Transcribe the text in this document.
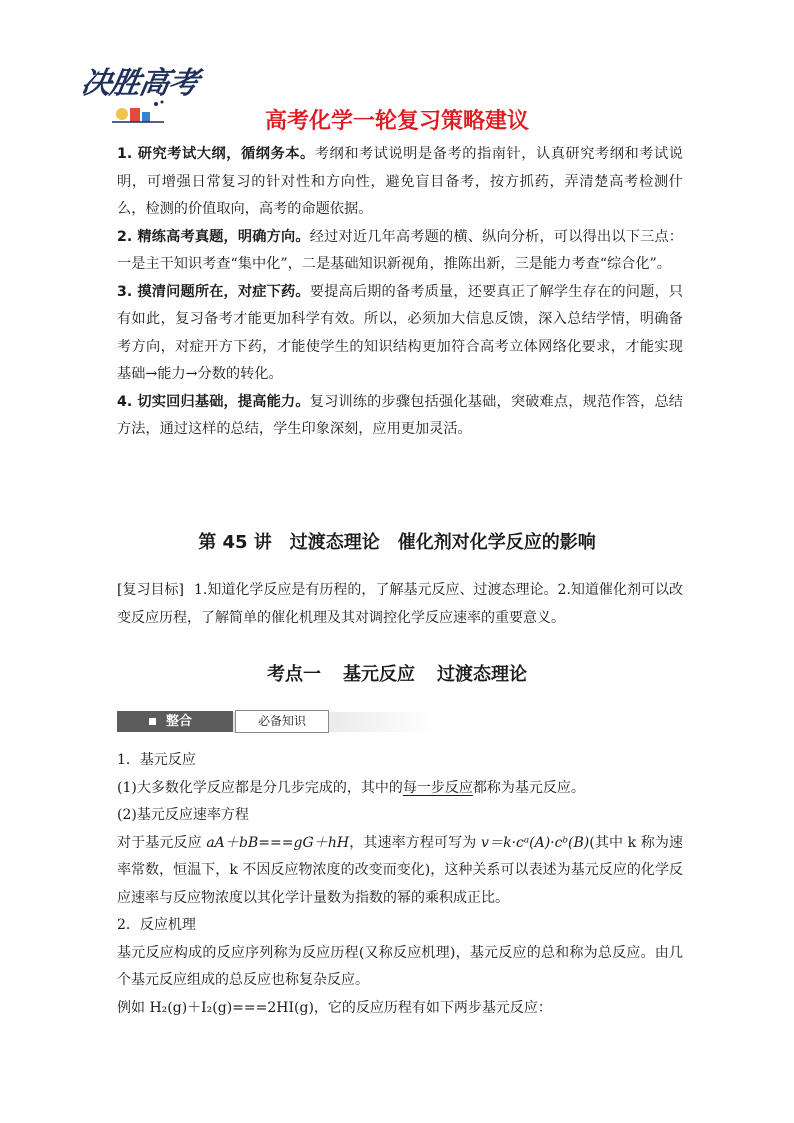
决胜高考
高考化学一轮复习策略建议

1. 研究考试大纲，循纲务本。考纲和考试说明是备考的指南针，认真研究考纲和考试说明，可增强日常复习的针对性和方向性，避免盲目备考，按方抓药，弄清楚高考检测什么，检测的价值取向，高考的命题依据。

2. 精练高考真题，明确方向。经过对近几年高考题的横、纵向分析，可以得出以下三点：一是主干知识考查“集中化”，二是基础知识新视角，推陈出新，三是能力考查“综合化”。

3. 摸清问题所在，对症下药。要提高后期的备考质量，还要真正了解学生存在的问题，只有如此，复习备考才能更加科学有效。所以，必须加大信息反馈，深入总结学情，明确备考方向，对症开方下药，才能使学生的知识结构更加符合高考立体网络化要求，才能实现基础→能力→分数的转化。

4. 切实回归基础，提高能力。复习训练的步骤包括强化基础，突破难点，规范作答，总结方法，通过这样的总结，学生印象深刻，应用更加灵活。

第 45 讲 过渡态理论 催化剂对化学反应的影响
[复习目标] 1.知道化学反应是有历程的，了解基元反应、过渡态理论。2.知道催化剂可以改变反应历程，了解简单的催化机理及其对调控化学反应速率的重要意义。
考点一 基元反应 过渡态理论
整合	必备知识

1．基元反应

(1)大多数化学反应都是分几步完成的，其中的每一步反应都称为基元反应。

(2)基元反应速率方程

对于基元反应 aA＋bB===gG＋hH，其速率方程可写为 v＝k·cᵃ(A)·cᵇ(B)(其中 k 称为速率常数，恒温下，k 不因反应物浓度的改变而变化)，这种关系可以表述为基元反应的化学反应速率与反应物浓度以其化学计量数为指数的幂的乘积成正比。

2．反应机理

基元反应构成的反应序列称为反应历程(又称反应机理)，基元反应的总和称为总反应。由几个基元反应组成的总反应也称复杂反应。

例如 H₂(g)＋I₂(g)===2HI(g)，它的反应历程有如下两步基元反应：
